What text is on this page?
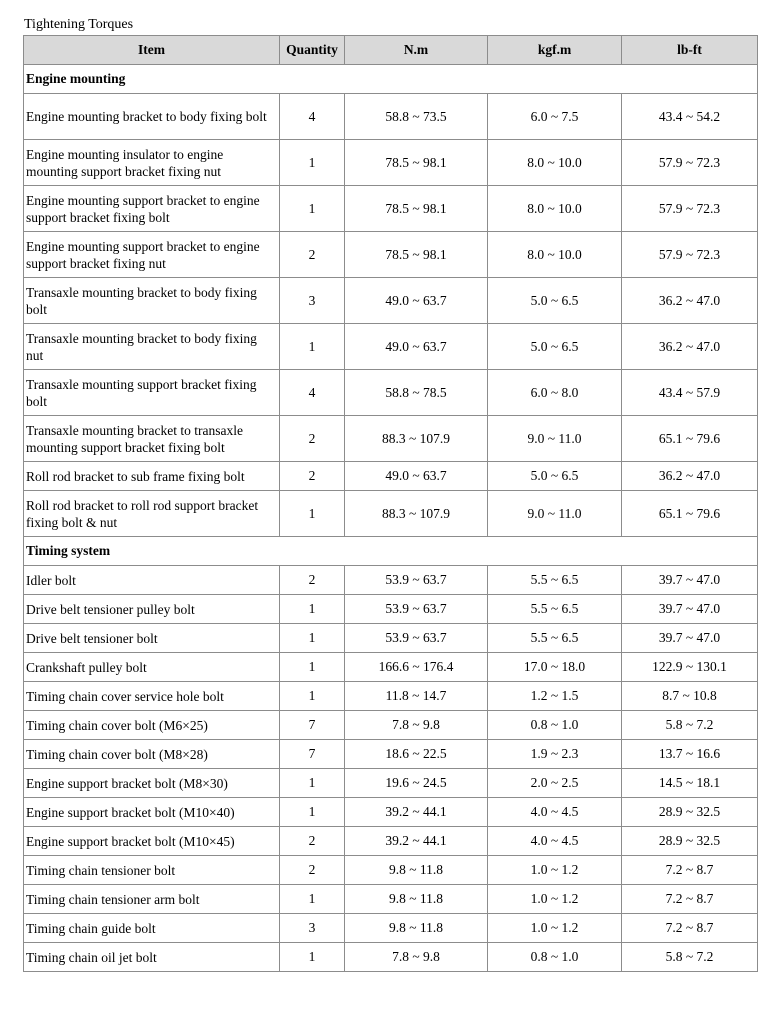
Tightening Torques
Item	Quantity	N.m	kgf.m	lb-ft
Engine mounting				
Engine mounting bracket to body fixing bolt	4	58.8 ~ 73.5	6.0 ~ 7.5	43.4 ~ 54.2
Engine mounting insulator to engine mounting support bracket fixing nut	1	78.5 ~ 98.1	8.0 ~ 10.0	57.9 ~ 72.3
Engine mounting support bracket to engine support bracket fixing bolt	1	78.5 ~ 98.1	8.0 ~ 10.0	57.9 ~ 72.3
Engine mounting support bracket to engine support bracket fixing nut	2	78.5 ~ 98.1	8.0 ~ 10.0	57.9 ~ 72.3
Transaxle mounting bracket to body fixing bolt	3	49.0 ~ 63.7	5.0 ~ 6.5	36.2 ~ 47.0
Transaxle mounting bracket to body fixing nut	1	49.0 ~ 63.7	5.0 ~ 6.5	36.2 ~ 47.0
Transaxle mounting support bracket fixing bolt	4	58.8 ~ 78.5	6.0 ~ 8.0	43.4 ~ 57.9
Transaxle mounting bracket to transaxle mounting support bracket fixing bolt	2	88.3 ~ 107.9	9.0 ~ 11.0	65.1 ~ 79.6
Roll rod bracket to sub frame fixing bolt	2	49.0 ~ 63.7	5.0 ~ 6.5	36.2 ~ 47.0
Roll rod bracket to roll rod support bracket fixing bolt & nut	1	88.3 ~ 107.9	9.0 ~ 11.0	65.1 ~ 79.6
Timing system				
Idler bolt	2	53.9 ~ 63.7	5.5 ~ 6.5	39.7 ~ 47.0
Drive belt tensioner pulley bolt	1	53.9 ~ 63.7	5.5 ~ 6.5	39.7 ~ 47.0
Drive belt tensioner bolt	1	53.9 ~ 63.7	5.5 ~ 6.5	39.7 ~ 47.0
Crankshaft pulley bolt	1	166.6 ~ 176.4	17.0 ~ 18.0	122.9 ~ 130.1
Timing chain cover service hole bolt	1	11.8 ~ 14.7	1.2 ~ 1.5	8.7 ~ 10.8
Timing chain cover bolt (M6×25)	7	7.8 ~ 9.8	0.8 ~ 1.0	5.8 ~ 7.2
Timing chain cover bolt (M8×28)	7	18.6 ~ 22.5	1.9 ~ 2.3	13.7 ~ 16.6
Engine support bracket bolt (M8×30)	1	19.6 ~ 24.5	2.0 ~ 2.5	14.5 ~ 18.1
Engine support bracket bolt (M10×40)	1	39.2 ~ 44.1	4.0 ~ 4.5	28.9 ~ 32.5
Engine support bracket bolt (M10×45)	2	39.2 ~ 44.1	4.0 ~ 4.5	28.9 ~ 32.5
Timing chain tensioner bolt	2	9.8 ~ 11.8	1.0 ~ 1.2	7.2 ~ 8.7
Timing chain tensioner arm bolt	1	9.8 ~ 11.8	1.0 ~ 1.2	7.2 ~ 8.7
Timing chain guide bolt	3	9.8 ~ 11.8	1.0 ~ 1.2	7.2 ~ 8.7
Timing chain oil jet bolt	1	7.8 ~ 9.8	0.8 ~ 1.0	5.8 ~ 7.2
